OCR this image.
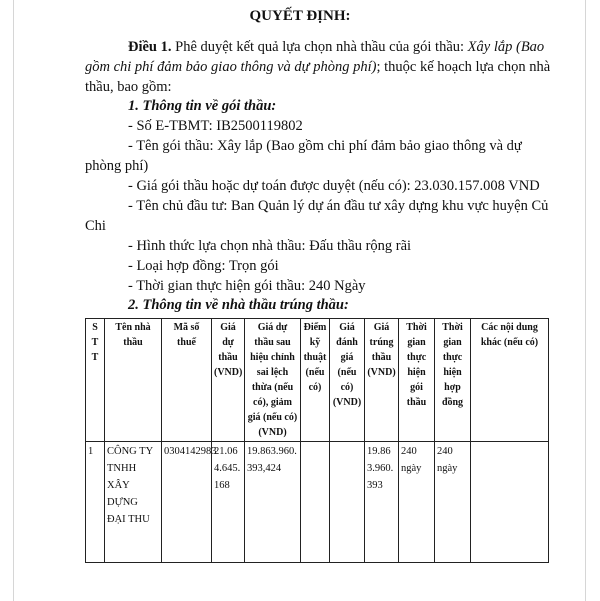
QUYẾT ĐỊNH:
Điều 1. Phê duyệt kết quả lựa chọn nhà thầu của gói thầu: Xây lắp (Bao
gồm chi phí đảm bảo giao thông và dự phòng phí); thuộc kế hoạch lựa chọn nhà
thầu, bao gồm:
1. Thông tin về gói thầu:
- Số E-TBMT: IB2500119802
- Tên gói thầu: Xây lắp (Bao gồm chi phí đảm bảo giao thông và dự
phòng phí)
- Giá gói thầu hoặc dự toán được duyệt (nếu có): 23.030.157.008 VND
- Tên chủ đầu tư: Ban Quản lý dự án đầu tư xây dựng khu vực huyện Củ
Chi
- Hình thức lựa chọn nhà thầu: Đấu thầu rộng rãi
- Loại hợp đồng: Trọn gói
- Thời gian thực hiện gói thầu: 240 Ngày
2. Thông tin về nhà thầu trúng thầu:
S T T	Tên nhà thầu	Mã số thuế	Giá dự thầu (VND)	Giá dự thầu sau hiệu chỉnh sai lệch thừa (nếu có), giảm giá (nếu có) (VND)	Điểm kỹ thuật (nếu có)	Giá đánh giá (nếu có) (VND)	Giá trúng thầu (VND)	Thời gian thực hiện gói thầu	Thời gian thực hiện hợp đồng	Các nội dung khác (nếu có)
1	CÔNG TY TNHH XÂY DỰNG ĐẠI THU	0304142983	21.064.645.168	19.863.960.393,424			19.863.960.393	240 ngày	240 ngày	
